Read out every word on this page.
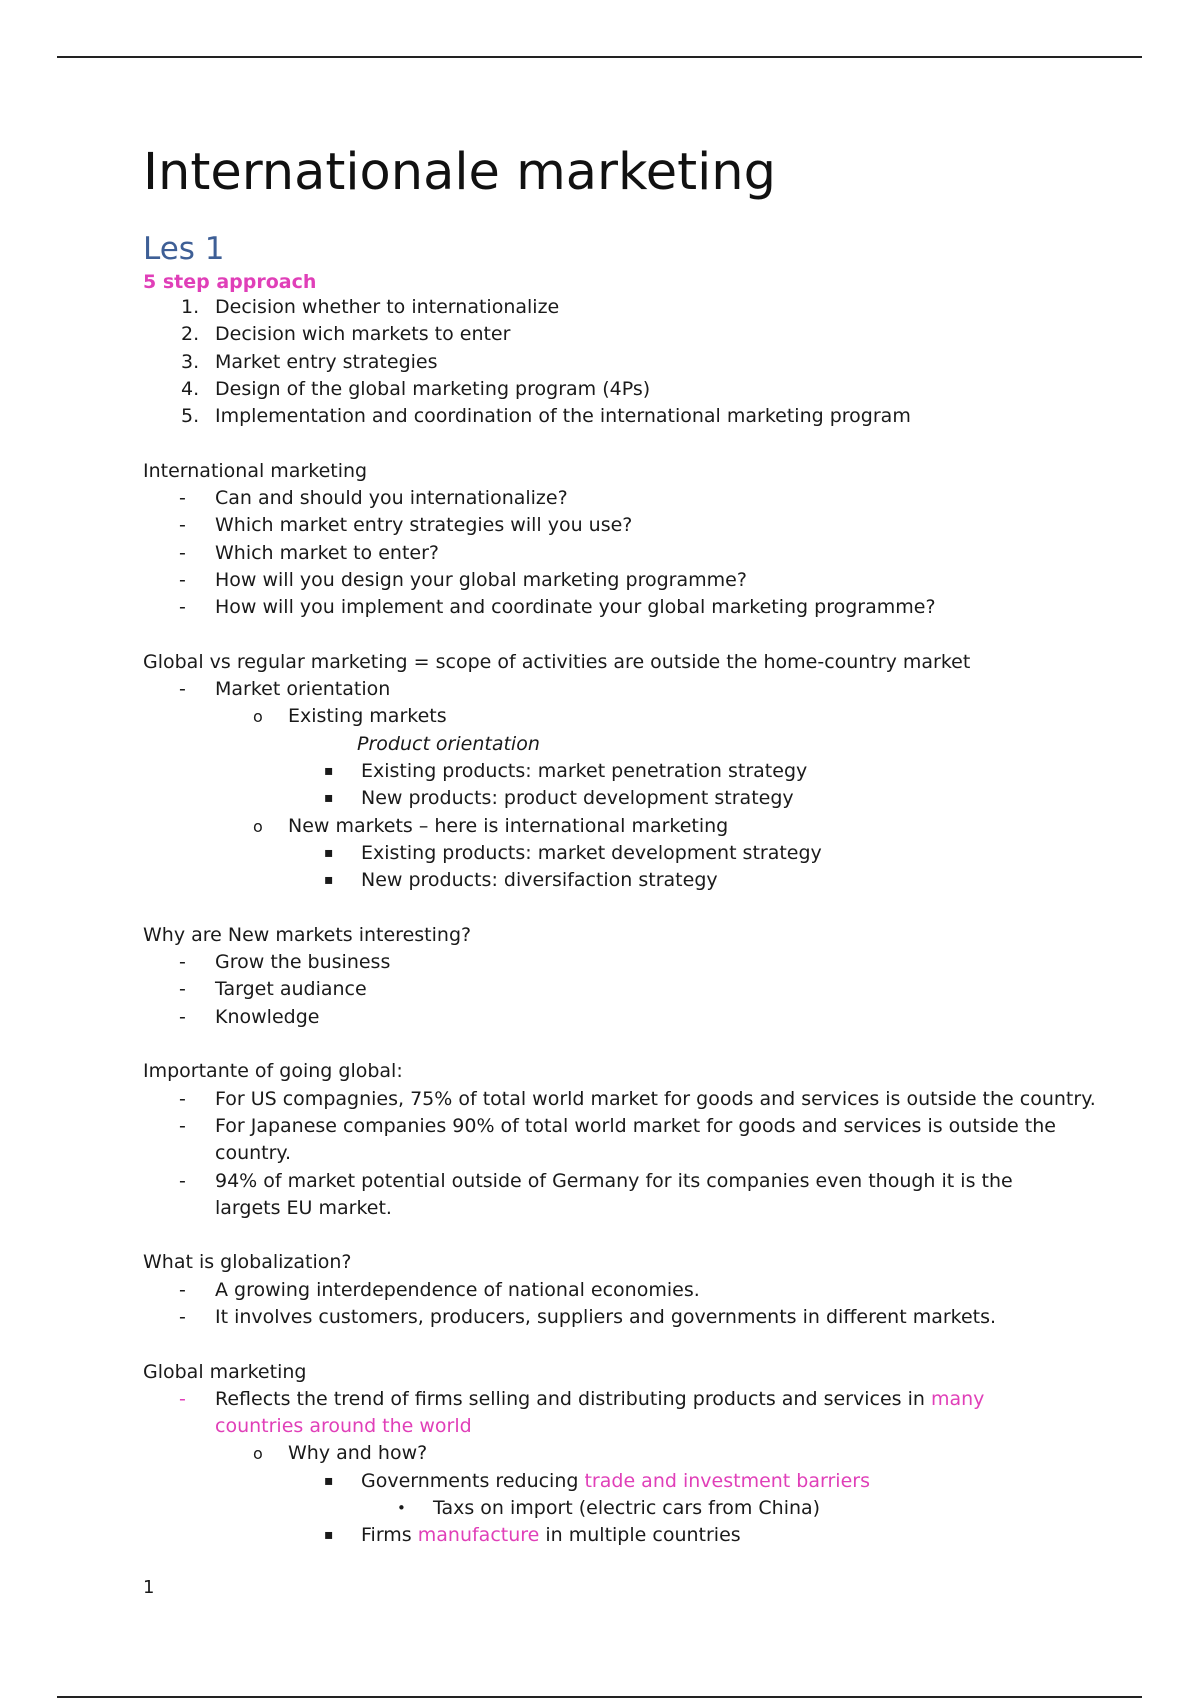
Internationale marketing
Les 1
5 step approach
1. Decision whether to internationalize
2. Decision wich markets to enter
3. Market entry strategies
4. Design of the global marketing program (4Ps)
5. Implementation and coordination of the international marketing program
International marketing
- Can and should you internationalize?
- Which market entry strategies will you use?
- Which market to enter?
- How will you design your global marketing programme?
- How will you implement and coordinate your global marketing programme?
Global vs regular marketing = scope of activities are outside the home-country market
- Market orientation
o Existing markets
Product orientation
▪ Existing products: market penetration strategy
▪ New products: product development strategy
o New markets – here is international marketing
▪ Existing products: market development strategy
▪ New products: diversifaction strategy
Why are New markets interesting?
- Grow the business
- Target audiance
- Knowledge
Importante of going global:
- For US compagnies, 75% of total world market for goods and services is outside the country.
- For Japanese companies 90% of total world market for goods and services is outside the country.
- 94% of market potential outside of Germany for its companies even though it is the largets EU market.
What is globalization?
- A growing interdependence of national economies.
- It involves customers, producers, suppliers and governments in different markets.
Global marketing
- Reflects the trend of firms selling and distributing products and services in many countries around the world
o Why and how?
▪ Governments reducing trade and investment barriers
• Taxs on import (electric cars from China)
▪ Firms manufacture in multiple countries
1
